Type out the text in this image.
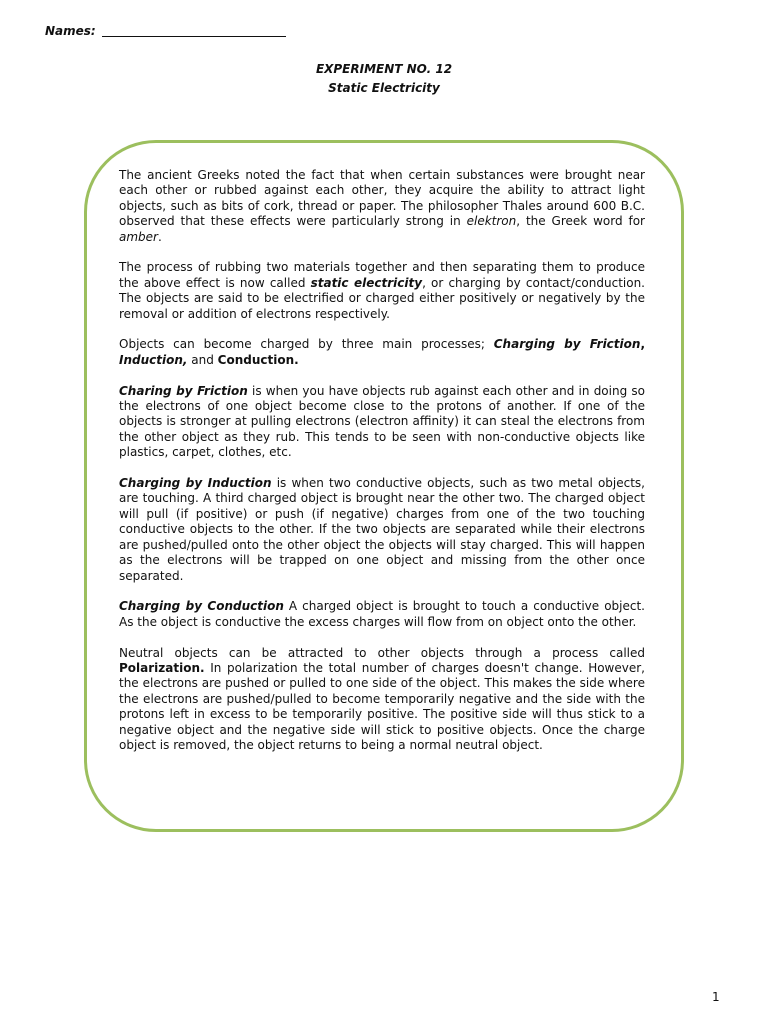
Names:
EXPERIMENT NO. 12
Static Electricity

The ancient Greeks noted the fact that when certain substances were brought near each other or rubbed against each other, they acquire the ability to attract light objects, such as bits of cork, thread or paper. The philosopher Thales around 600 B.C. observed that these effects were particularly strong in elektron, the Greek word for amber.

The process of rubbing two materials together and then separating them to produce the above effect is now called static electricity, or charging by contact/conduction. The objects are said to be electrified or charged either positively or negatively by the removal or addition of electrons respectively.

Objects can become charged by three main processes; Charging by Friction, Induction, and Conduction.

Charing by Friction is when you have objects rub against each other and in doing so the electrons of one object become close to the protons of another. If one of the objects is stronger at pulling electrons (electron affinity) it can steal the electrons from the other object as they rub. This tends to be seen with non-conductive objects like plastics, carpet, clothes, etc.

Charging by Induction is when two conductive objects, such as two metal objects, are touching. A third charged object is brought near the other two. The charged object will pull (if positive) or push (if negative) charges from one of the two touching conductive objects to the other. If the two objects are separated while their electrons are pushed/pulled onto the other object the objects will stay charged. This will happen as the electrons will be trapped on one object and missing from the other once separated.

Charging by Conduction A charged object is brought to touch a conductive object. As the object is conductive the excess charges will flow from on object onto the other.

Neutral objects can be attracted to other objects through a process called Polarization. In polarization the total number of charges doesn't change. However, the electrons are pushed or pulled to one side of the object. This makes the side where the electrons are pushed/pulled to become temporarily negative and the side with the protons left in excess to be temporarily positive. The positive side will thus stick to a negative object and the negative side will stick to positive objects. Once the charge object is removed, the object returns to being a normal neutral object.

1
